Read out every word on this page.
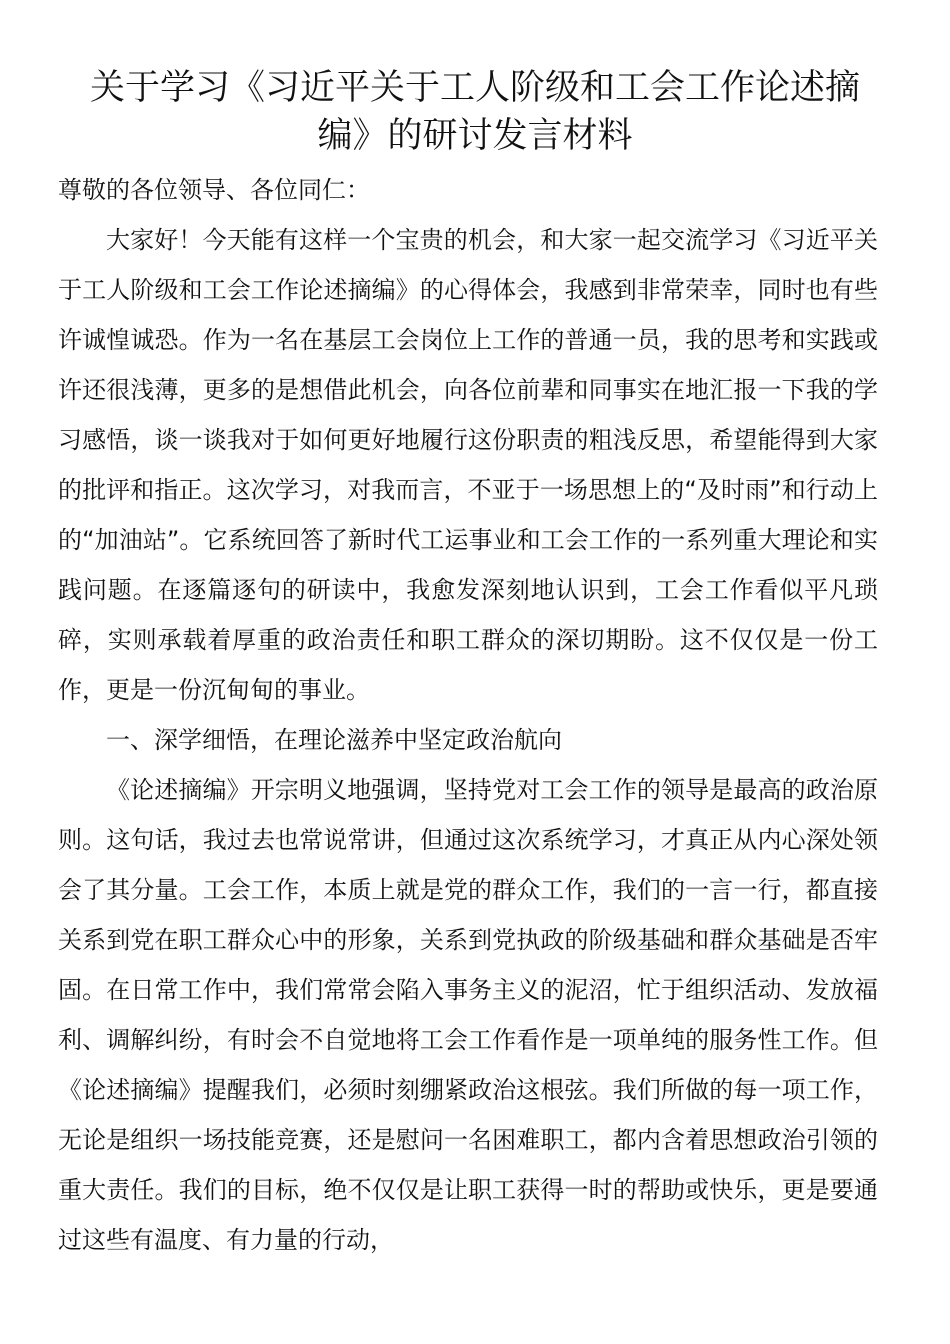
关于学习《习近平关于工人阶级和工会工作论述摘
编》的研讨发言材料

尊敬的各位领导、各位同仁：

大家好！今天能有这样一个宝贵的机会，和大家一起交流学习《习近平关于工人阶级和工会工作论述摘编》的心得体会，我感到非常荣幸，同时也有些许诚惶诚恐。作为一名在基层工会岗位上工作的普通一员，我的思考和实践或许还很浅薄，更多的是想借此机会，向各位前辈和同事实在地汇报一下我的学习感悟，谈一谈我对于如何更好地履行这份职责的粗浅反思，希望能得到大家的批评和指正。这次学习，对我而言，不亚于一场思想上的“及时雨”和行动上的“加油站”。它系统回答了新时代工运事业和工会工作的一系列重大理论和实践问题。在逐篇逐句的研读中，我愈发深刻地认识到，工会工作看似平凡琐碎，实则承载着厚重的政治责任和职工群众的深切期盼。这不仅仅是一份工作，更是一份沉甸甸的事业。

一、深学细悟，在理论滋养中坚定政治航向

《论述摘编》开宗明义地强调，坚持党对工会工作的领导是最高的政治原则。这句话，我过去也常说常讲，但通过这次系统学习，才真正从内心深处领会了其分量。工会工作，本质上就是党的群众工作，我们的一言一行，都直接关系到党在职工群众心中的形象，关系到党执政的阶级基础和群众基础是否牢固。在日常工作中，我们常常会陷入事务主义的泥沼，忙于组织活动、发放福利、调解纠纷，有时会不自觉地将工会工作看作是一项单纯的服务性工作。但《论述摘编》提醒我们，必须时刻绷紧政治这根弦。我们所做的每一项工作，无论是组织一场技能竞赛，还是慰问一名困难职工，都内含着思想政治引领的重大责任。我们的目标，绝不仅仅是让职工获得一时的帮助或快乐，更是要通过这些有温度、有力量的行动，
